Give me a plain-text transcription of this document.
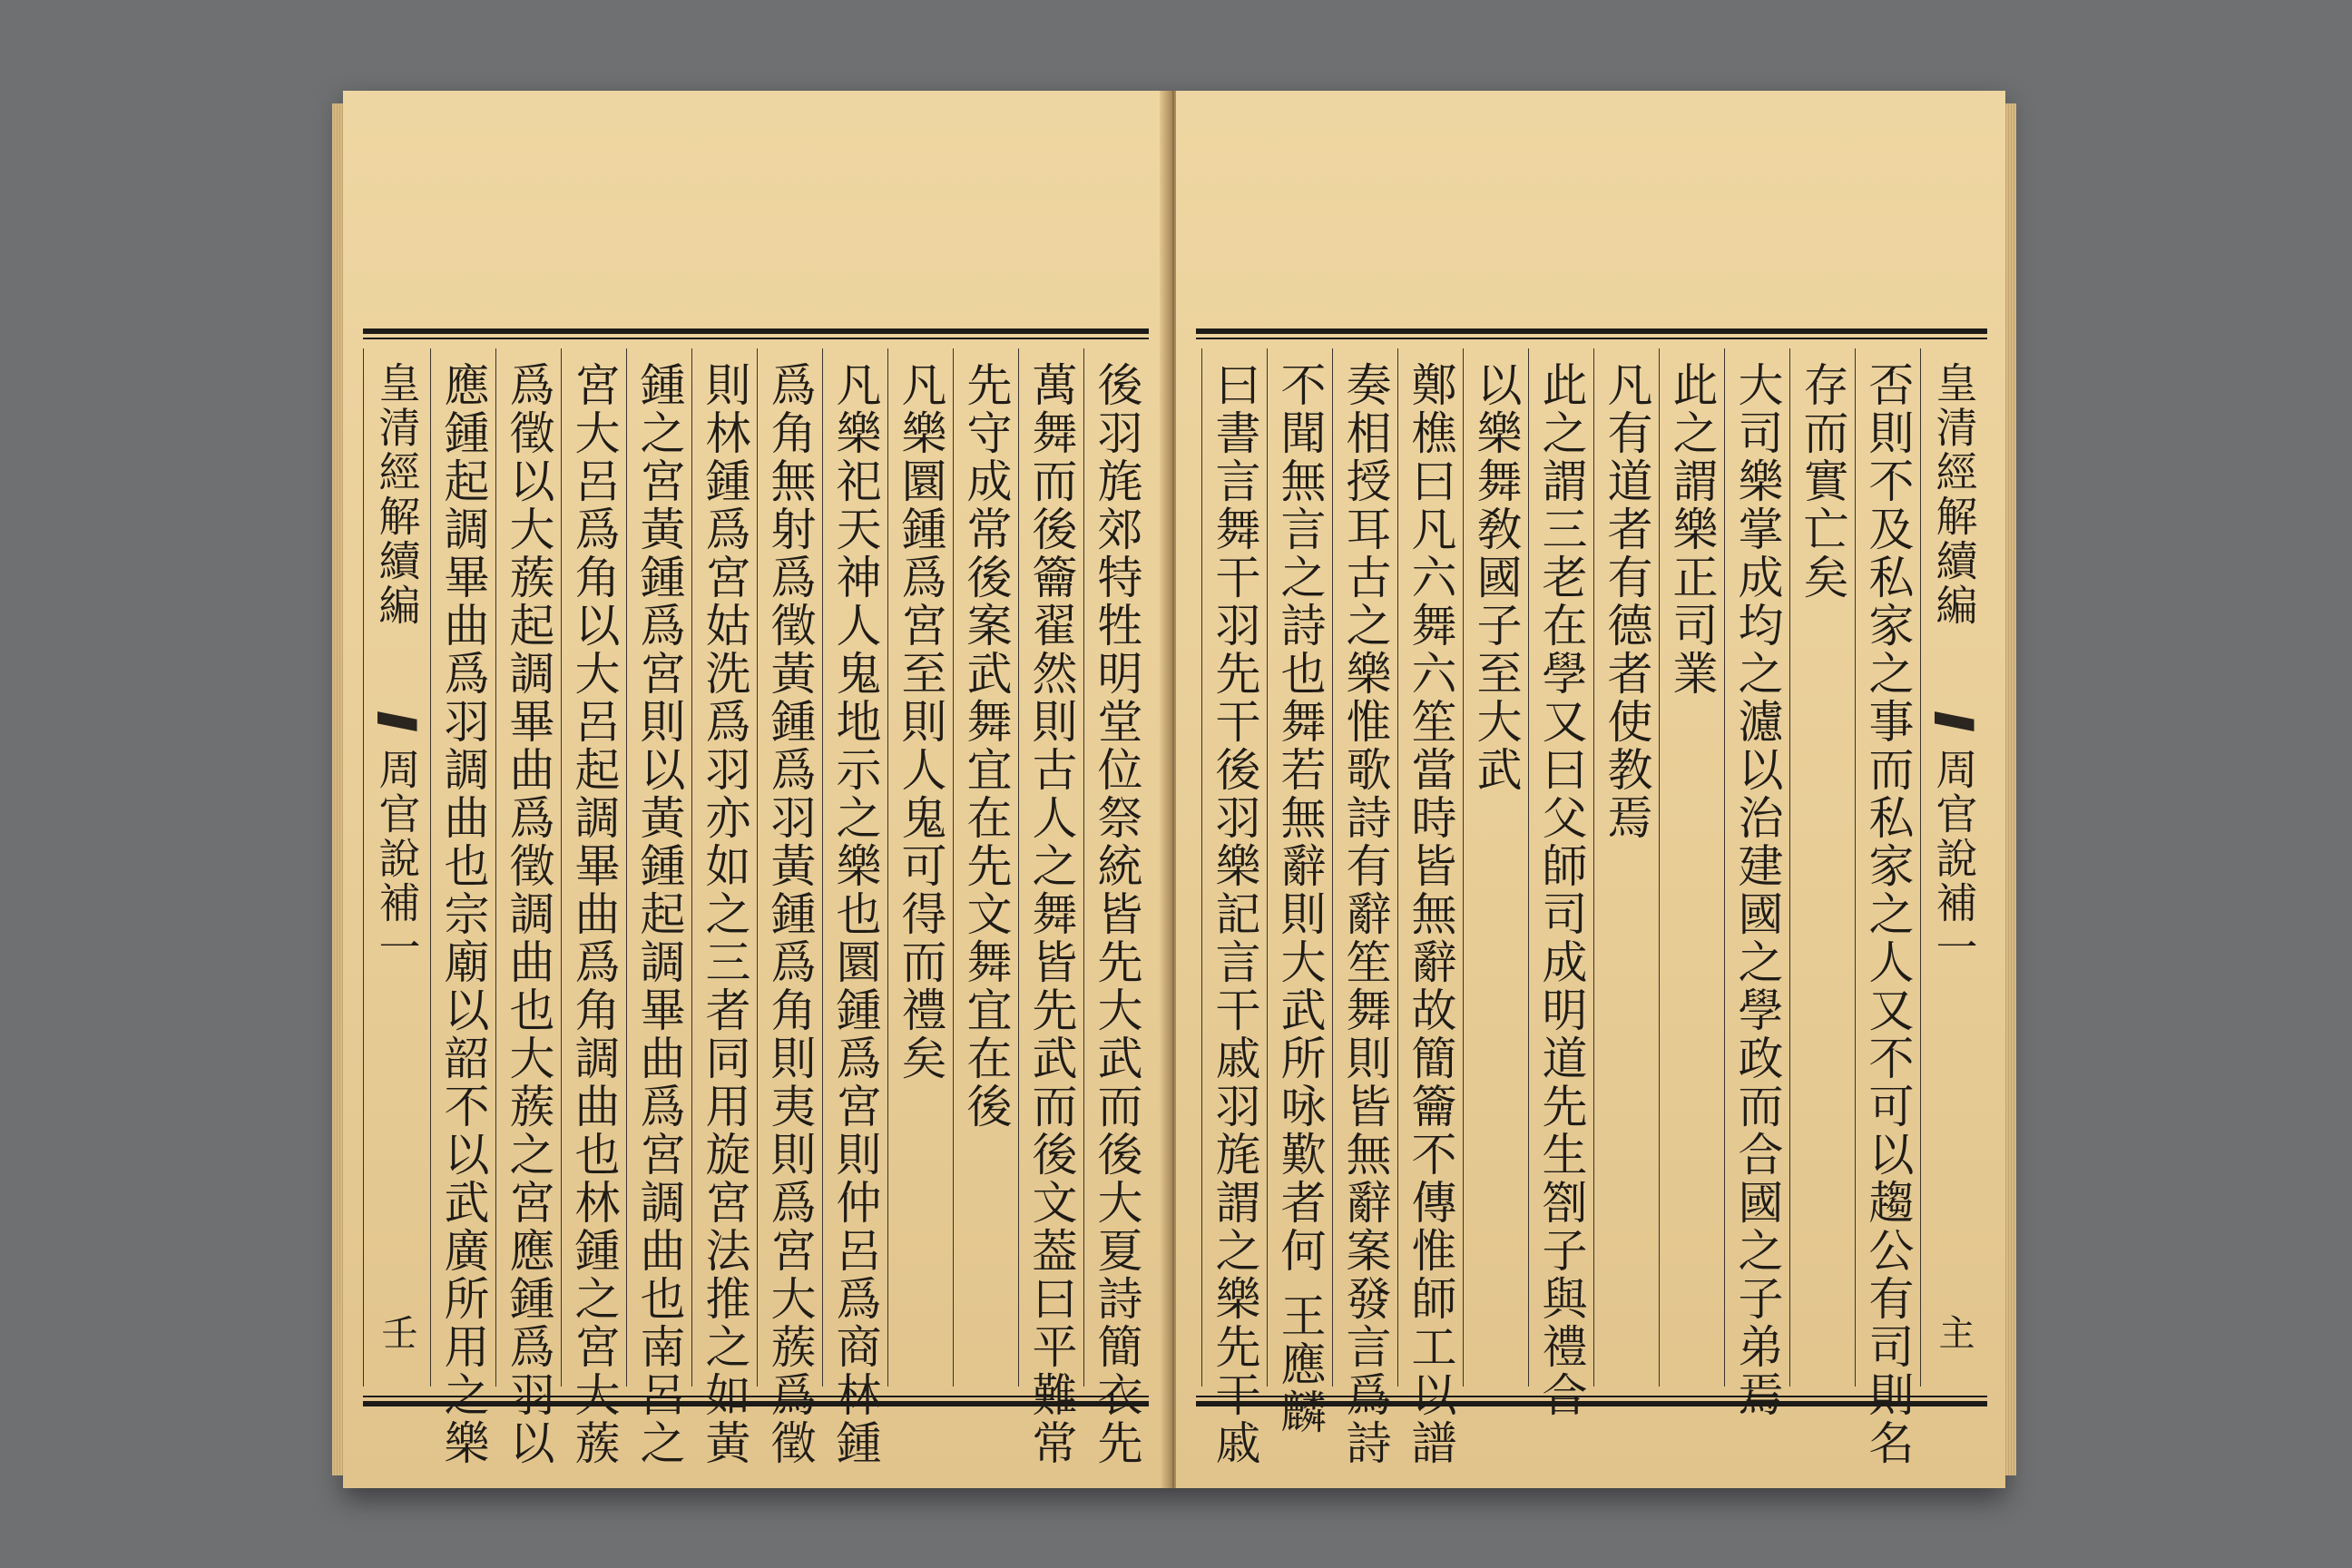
後羽旄郊特牲明堂位祭統皆先大武而後大夏詩簡衣先
萬舞而後籥翟然則古人之舞皆先武而後文葢曰平難常
先守成常後案武舞宜在先文舞宜在後
凡樂圜鍾爲宮至則人鬼可得而禮矣
凡樂祀天神人鬼地示之樂也圜鍾爲宮則仲呂爲商林鍾
爲角無射爲徵黃鍾爲羽黃鍾爲角則夷則爲宮大蔟爲徵
則林鍾爲宮姑洗爲羽亦如之三者同用旋宮法推之如黃
鍾之宮黃鍾爲宮則以黃鍾起調畢曲爲宮調曲也南呂之
宮大呂爲角以大呂起調畢曲爲角調曲也林鍾之宮大蔟
爲徵以大蔟起調畢曲爲徵調曲也大蔟之宮應鍾爲羽以
應鍾起調畢曲爲羽調曲也宗廟以韶不以武廣所用之樂
皇清經解續編
周官說補一
壬
皇清經解續編
周官說補一
主
否則不及私家之事而私家之人又不可以趨公有司則名
存而實亡矣
大司樂掌成均之濾以治建國之學政而合國之子弟焉
此之謂樂正司業
凡有道者有德者使教焉
此之謂三老在學又曰父師司成明道先生劄子與禮合
以樂舞敎國子至大武
鄭樵曰凡六舞六笙當時皆無辭故簡籥不傳惟師工以譜
奏相授耳古之樂惟歌詩有辭笙舞則皆無辭案發言爲詩
不聞無言之詩也舞若無辭則大武所咏歎者何 王應麟
曰書言舞干羽先干後羽樂記言干戚羽旄謂之樂先干戚
